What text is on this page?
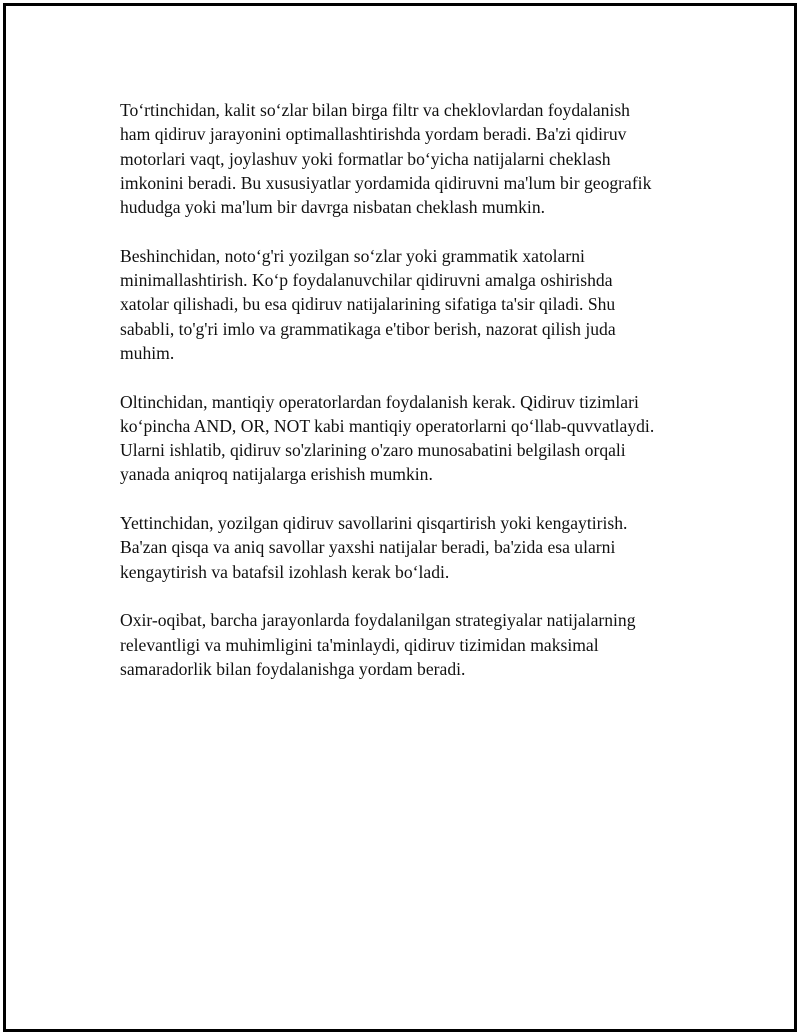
To‘rtinchidan, kalit so‘zlar bilan birga filtr va cheklovlardan foydalanish
ham qidiruv jarayonini optimallashtirishda yordam beradi. Ba'zi qidiruv
motorlari vaqt, joylashuv yoki formatlar bo‘yicha natijalarni cheklash
imkonini beradi. Bu xususiyatlar yordamida qidiruvni ma'lum bir geografik
hududga yoki ma'lum bir davrga nisbatan cheklash mumkin.

Beshinchidan, noto‘g'ri yozilgan so‘zlar yoki grammatik xatolarni
minimallashtirish. Ko‘p foydalanuvchilar qidiruvni amalga oshirishda
xatolar qilishadi, bu esa qidiruv natijalarining sifatiga ta'sir qiladi. Shu
sababli, to'g'ri imlo va grammatikaga e'tibor berish, nazorat qilish juda
muhim.

Oltinchidan, mantiqiy operatorlardan foydalanish kerak. Qidiruv tizimlari
ko‘pincha AND, OR, NOT kabi mantiqiy operatorlarni qo‘llab-quvvatlaydi.
Ularni ishlatib, qidiruv so'zlarining o'zaro munosabatini belgilash orqali
yanada aniqroq natijalarga erishish mumkin.

Yettinchidan, yozilgan qidiruv savollarini qisqartirish yoki kengaytirish.
Ba'zan qisqa va aniq savollar yaxshi natijalar beradi, ba'zida esa ularni
kengaytirish va batafsil izohlash kerak bo‘ladi.

Oxir-oqibat, barcha jarayonlarda foydalanilgan strategiyalar natijalarning
relevantligi va muhimligini ta'minlaydi, qidiruv tizimidan maksimal
samaradorlik bilan foydalanishga yordam beradi.
